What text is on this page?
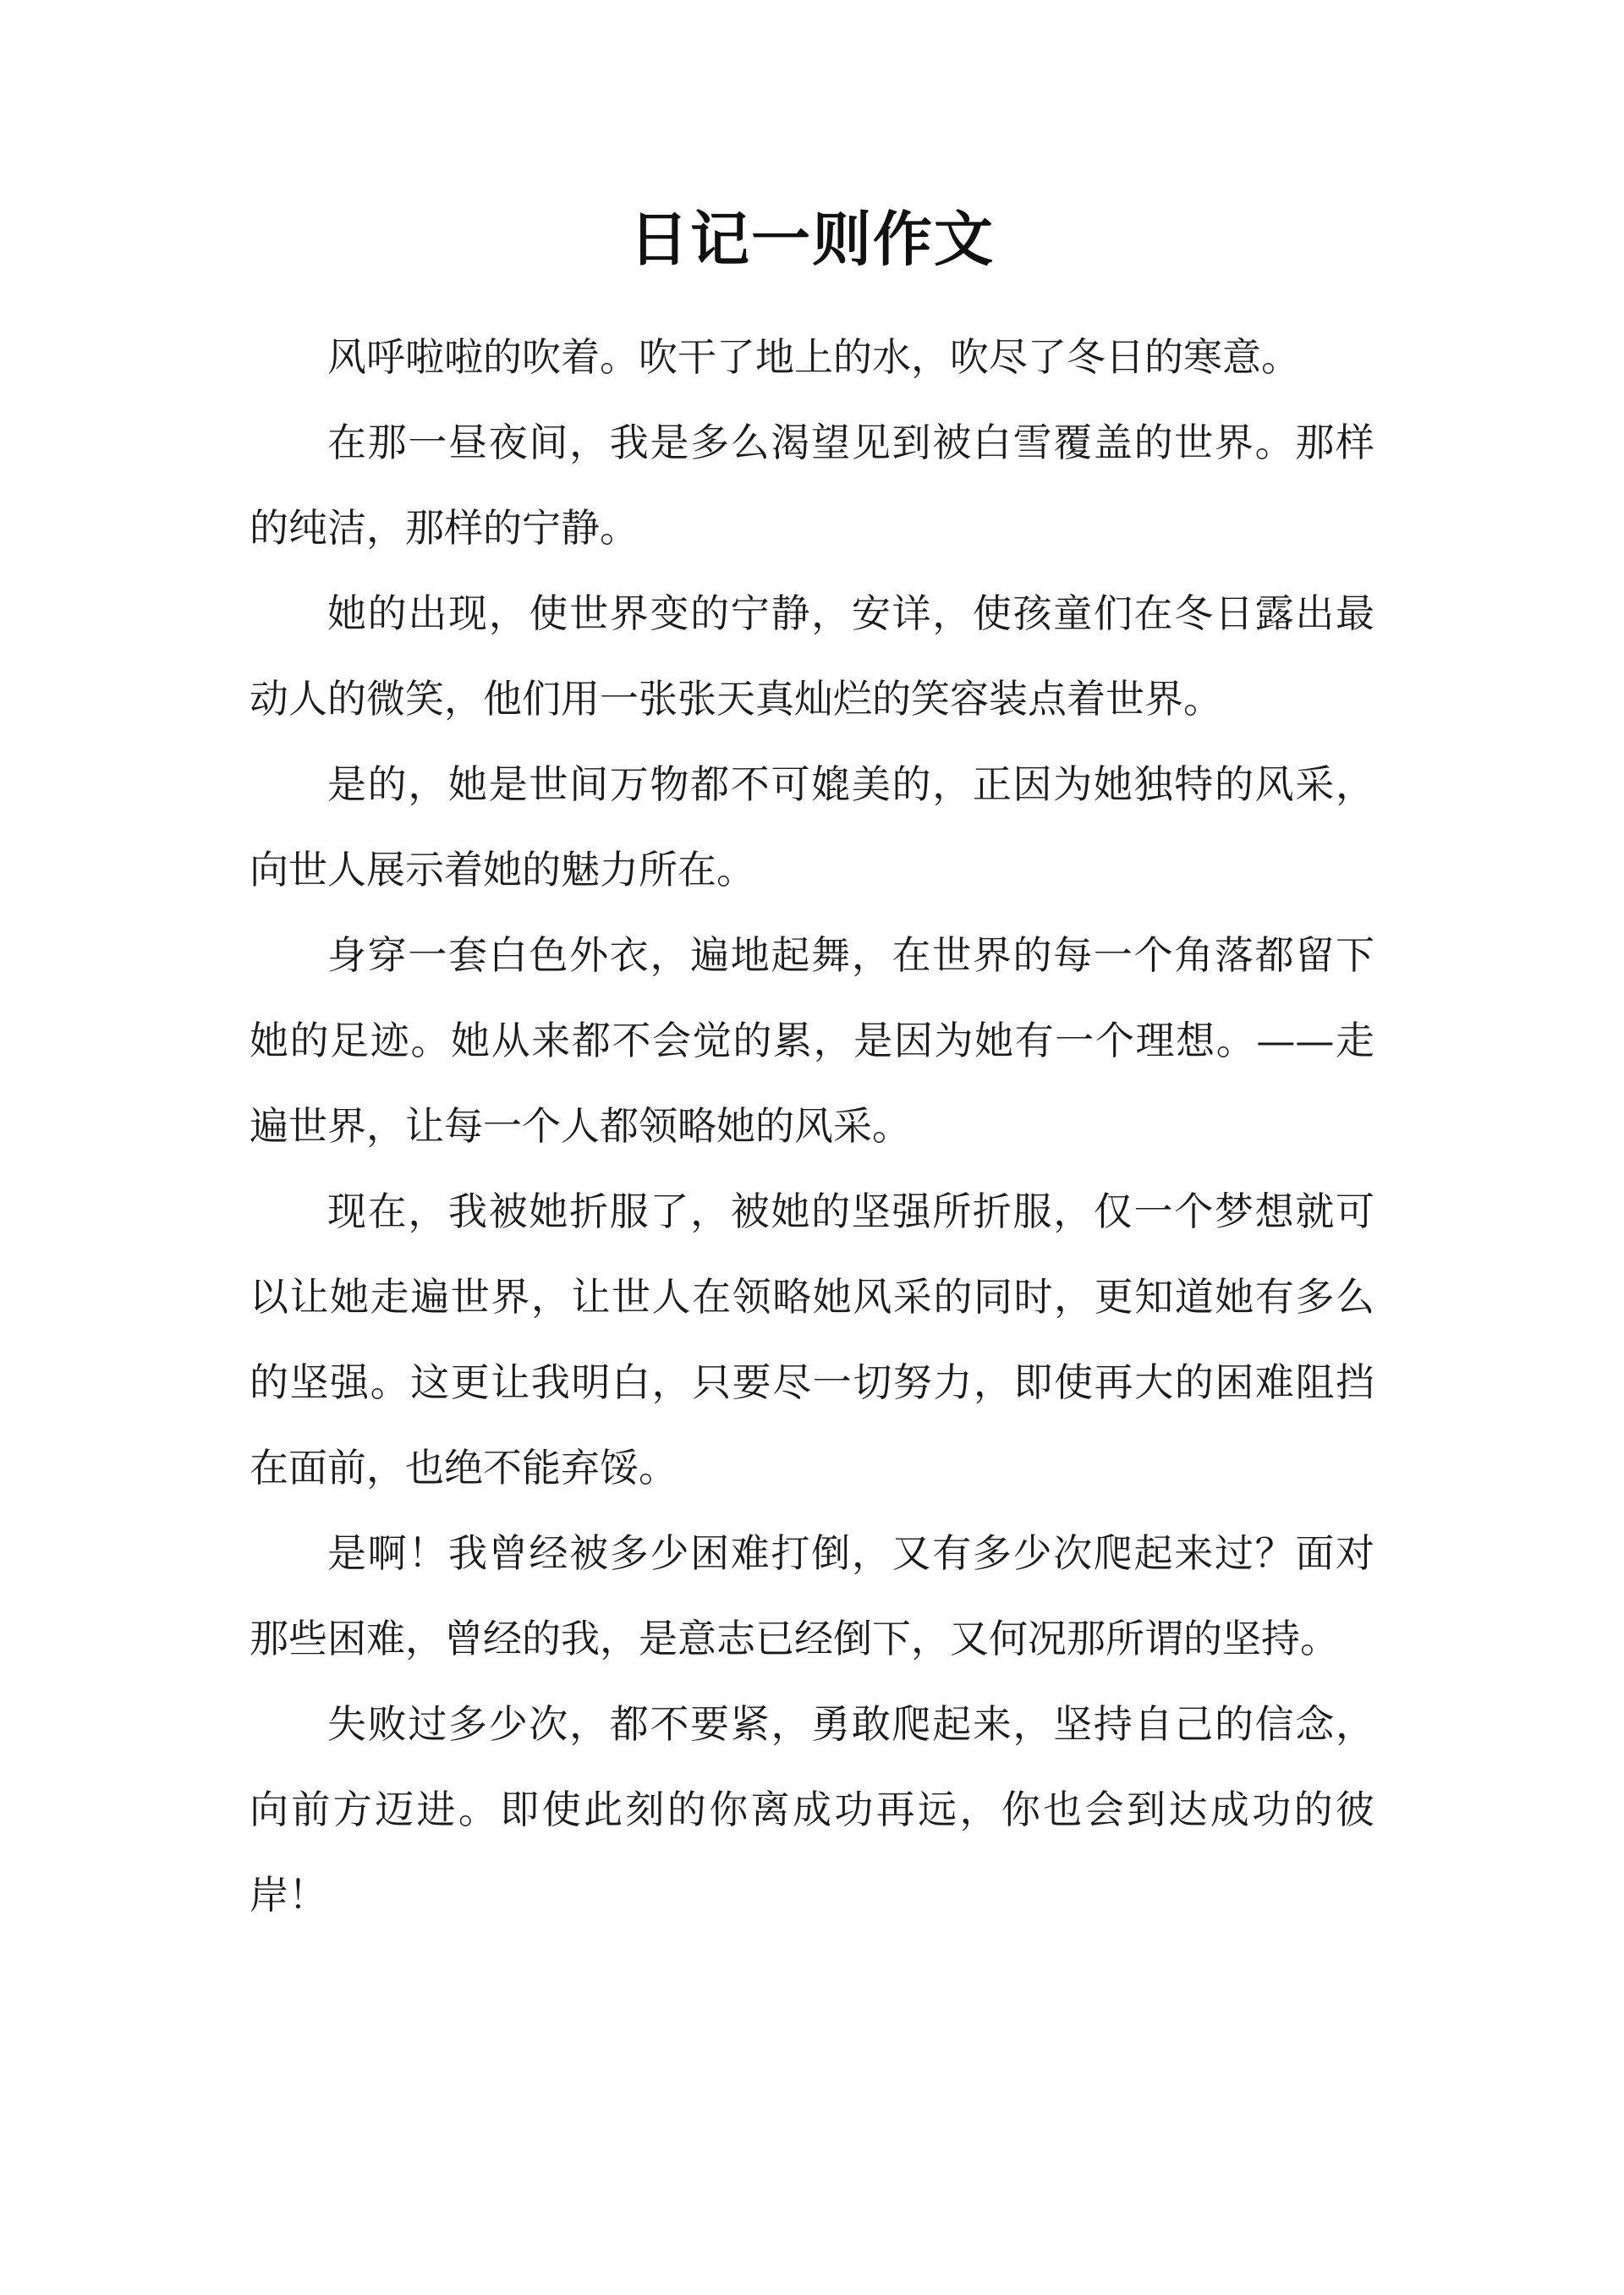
日记一则作文

风呼啦啦的吹着。吹干了地上的水，吹尽了冬日的寒意。

在那一昼夜间，我是多么渴望见到被白雪覆盖的世界。那样的纯洁，那样的宁静。

她的出现，使世界变的宁静，安详，使孩童们在冬日露出最动人的微笑，他们用一张张天真灿烂的笑容装点着世界。

是的，她是世间万物都不可媲美的，正因为她独特的风采，向世人展示着她的魅力所在。

身穿一套白色外衣，遍地起舞，在世界的每一个角落都留下她的足迹。她从来都不会觉的累，是因为她有一个理想。——走遍世界，让每一个人都领略她的风采。

现在，我被她折服了，被她的坚强所折服，仅一个梦想就可以让她走遍世界，让世人在领略她风采的同时，更知道她有多么的坚强。这更让我明白，只要尽一切努力，即使再大的困难阻挡在面前，也绝不能弃馁。

是啊！我曾经被多少困难打倒，又有多少次爬起来过？面对那些困难，曾经的我，是意志已经倒下，又何况那所谓的坚持。

失败过多少次，都不要紧，勇敢爬起来，坚持自己的信念，向前方迈进。即使此刻的你离成功再远，你也会到达成功的彼岸！
